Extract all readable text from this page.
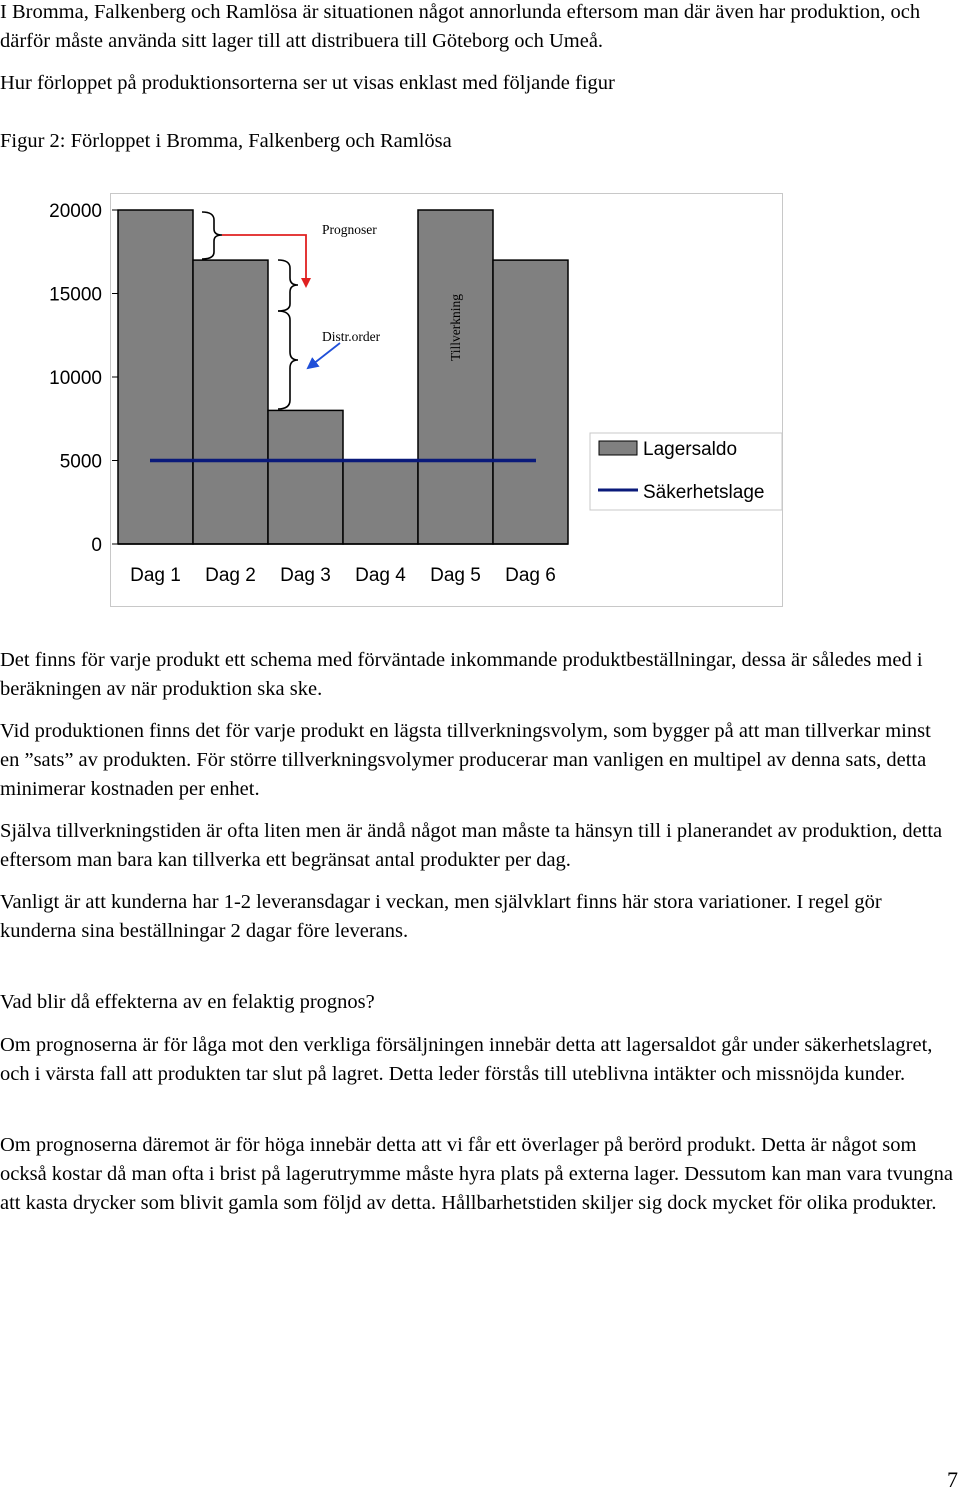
I Bromma, Falkenberg och Ramlösa är situationen något annorlunda eftersom man där även har produktion, och därför måste använda sitt lager till att distribuera till Göteborg och Umeå.

Hur förloppet på produktionsorterna ser ut visas enklast med följande figur

Figur 2: Förloppet i Bromma, Falkenberg och Ramlösa

0
5000
10000
15000
20000
Dag 1 Dag 2 Dag 3 Dag 4 Dag 5 Dag 6
Prognoser
Distr.order	Tillverkning
Lagersaldo
Säkerhetslage

Det finns för varje produkt ett schema med förväntade inkommande produktbeställningar, dessa är således med i beräkningen av när produktion ska ske.

Vid produktionen finns det för varje produkt en lägsta tillverkningsvolym, som bygger på att man tillverkar minst en ”sats” av produkten. För större tillverkningsvolymer producerar man vanligen en multipel av denna sats, detta minimerar kostnaden per enhet.

Själva tillverkningstiden är ofta liten men är ändå något man måste ta hänsyn till i planerandet av produktion, detta eftersom man bara kan tillverka ett begränsat antal produkter per dag.

Vanligt är att kunderna har 1-2 leveransdagar i veckan, men självklart finns här stora variationer. I regel gör kunderna sina beställningar 2 dagar före leverans.

Vad blir då effekterna av en felaktig prognos?

Om prognoserna är för låga mot den verkliga försäljningen innebär detta att lagersaldot går under säkerhetslagret, och i värsta fall att produkten tar slut på lagret. Detta leder förstås till uteblivna intäkter och missnöjda kunder.

Om prognoserna däremot är för höga innebär detta att vi får ett överlager på berörd produkt. Detta är något som också kostar då man ofta i brist på lagerutrymme måste hyra plats på externa lager. Dessutom kan man vara tvungna att kasta drycker som blivit gamla som följd av detta. Hållbarhetstiden skiljer sig dock mycket för olika produkter.

7
